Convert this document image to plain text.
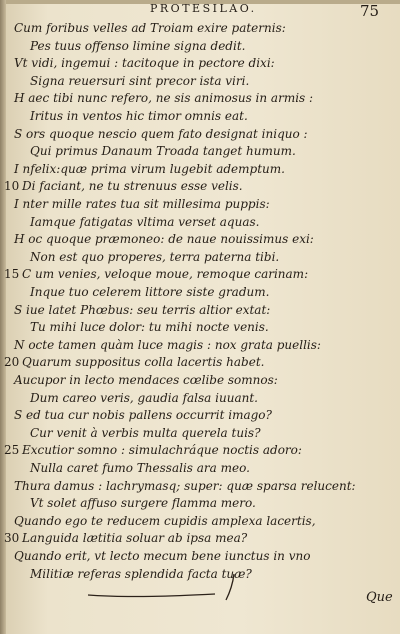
PROTESILAO.	75
Cum foribus velles ad Troiam exire paternis:
Pes tuus offenso limine signa dedit.
Vt vidi, ingemui : tacitoque in pectore dixi:
Signa reuersuri sint precor ista viri.
H aec tibi nunc refero, ne sis animosus in armis :
Iritus in ventos hic timor omnis eat.
S ors quoque nescio quem fato designat iniquo :
Qui primus Danaum Troada tanget humum.
I nfelix:quæ prima virum lugebit ademptum.
10 Di faciant, ne tu strenuus esse velis.
I nter mille rates tua sit millesima puppis:
Iamque fatigatas vltima verset aquas.
H oc quoque præmoneo: de naue nouissimus exi:
Non est quo properes, terra paterna tibi.
15 C um venies, veloque moue, remoque carinam:
Inque tuo celerem littore siste gradum.
S iue latet Phœbus: seu terris altior extat:
Tu mihi luce dolor: tu mihi nocte venis.
N octe tamen quàm luce magis : nox grata puellis:
20 Quarum suppositus colla lacertis habet.
Aucupor in lecto mendaces cœlibe somnos:
Dum careo veris, gaudia falsa iuuant.
S ed tua cur nobis pallens occurrit imago?
Cur venit à verbis multa querela tuis?
25 Excutior somno : simulachráque noctis adoro:
Nulla caret fumo Thessalis ara meo.
Thura damus : lachrymasq; super: quæ sparsa relucent:
Vt solet affuso surgere flamma mero.
Quando ego te reducem cupidis amplexa lacertis,
30 Languida lætitia soluar ab ipsa mea?
Quando erit, vt lecto mecum bene iunctus in vno
Militiæ referas splendida facta tuæ?
Que
